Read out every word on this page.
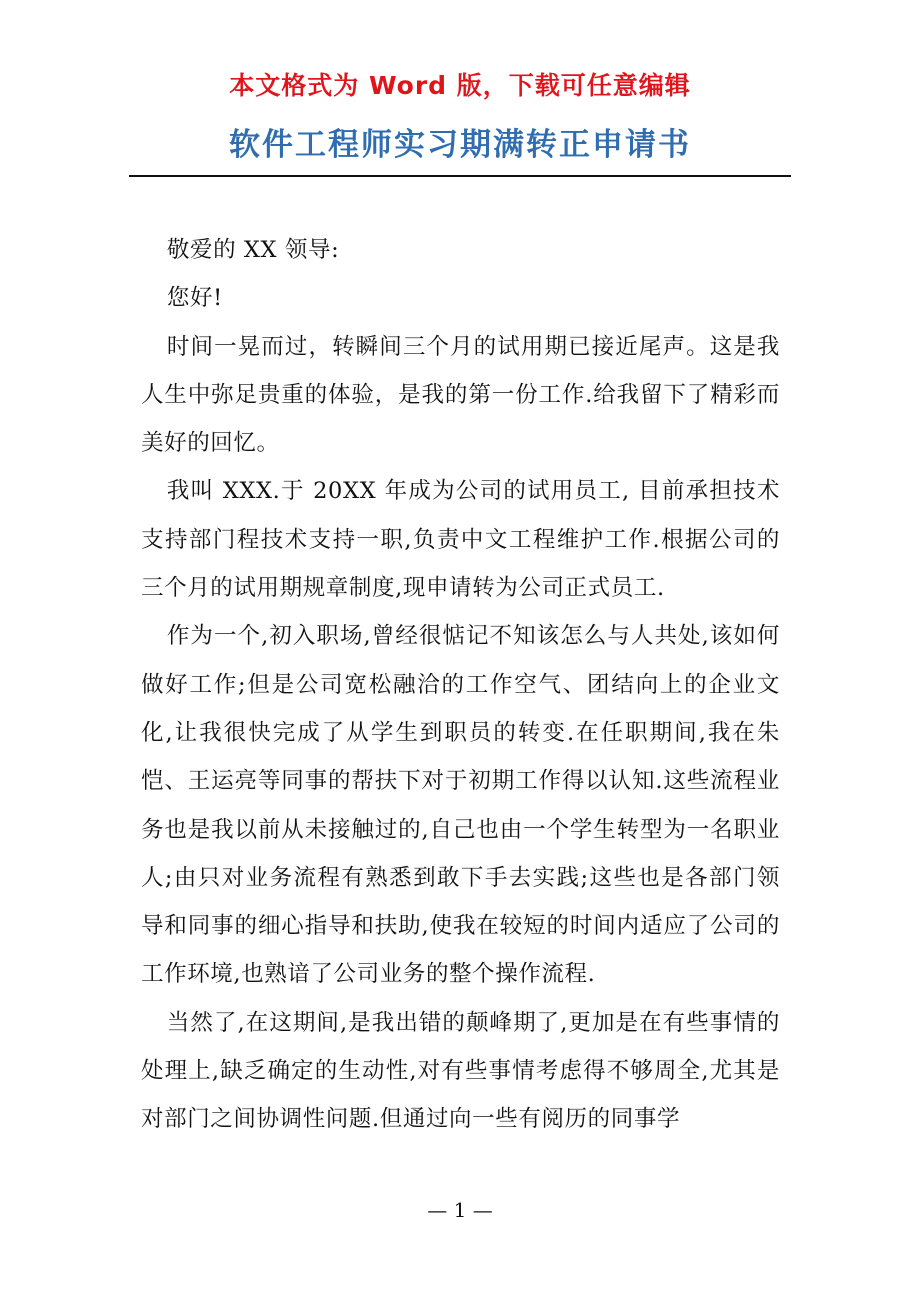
本文格式为 Word 版，下载可任意编辑
软件工程师实习期满转正申请书

敬爱的 XX 领导:

您好!

时间一晃而过，转瞬间三个月的试用期已接近尾声。这是我人生中弥足贵重的体验，是我的第一份工作.给我留下了精彩而美好的回忆。

我叫 XXX.于 20XX 年成为公司的试用员工, 目前承担技术支持部门程技术支持一职,负责中文工程维护工作.根据公司的三个月的试用期规章制度,现申请转为公司正式员工.

作为一个,初入职场,曾经很惦记不知该怎么与人共处,该如何做好工作;但是公司宽松融洽的工作空气、团结向上的企业文化,让我很快完成了从学生到职员的转变.在任职期间,我在朱恺、王运亮等同事的帮扶下对于初期工作得以认知.这些流程业务也是我以前从未接触过的,自己也由一个学生转型为一名职业人;由只对业务流程有熟悉到敢下手去实践;这些也是各部门领导和同事的细心指导和扶助,使我在较短的时间内适应了公司的工作环境,也熟谙了公司业务的整个操作流程.

当然了,在这期间,是我出错的颠峰期了,更加是在有些事情的处理上,缺乏确定的生动性,对有些事情考虑得不够周全,尤其是对部门之间协调性问题.但通过向一些有阅历的同事学

— 1 —
